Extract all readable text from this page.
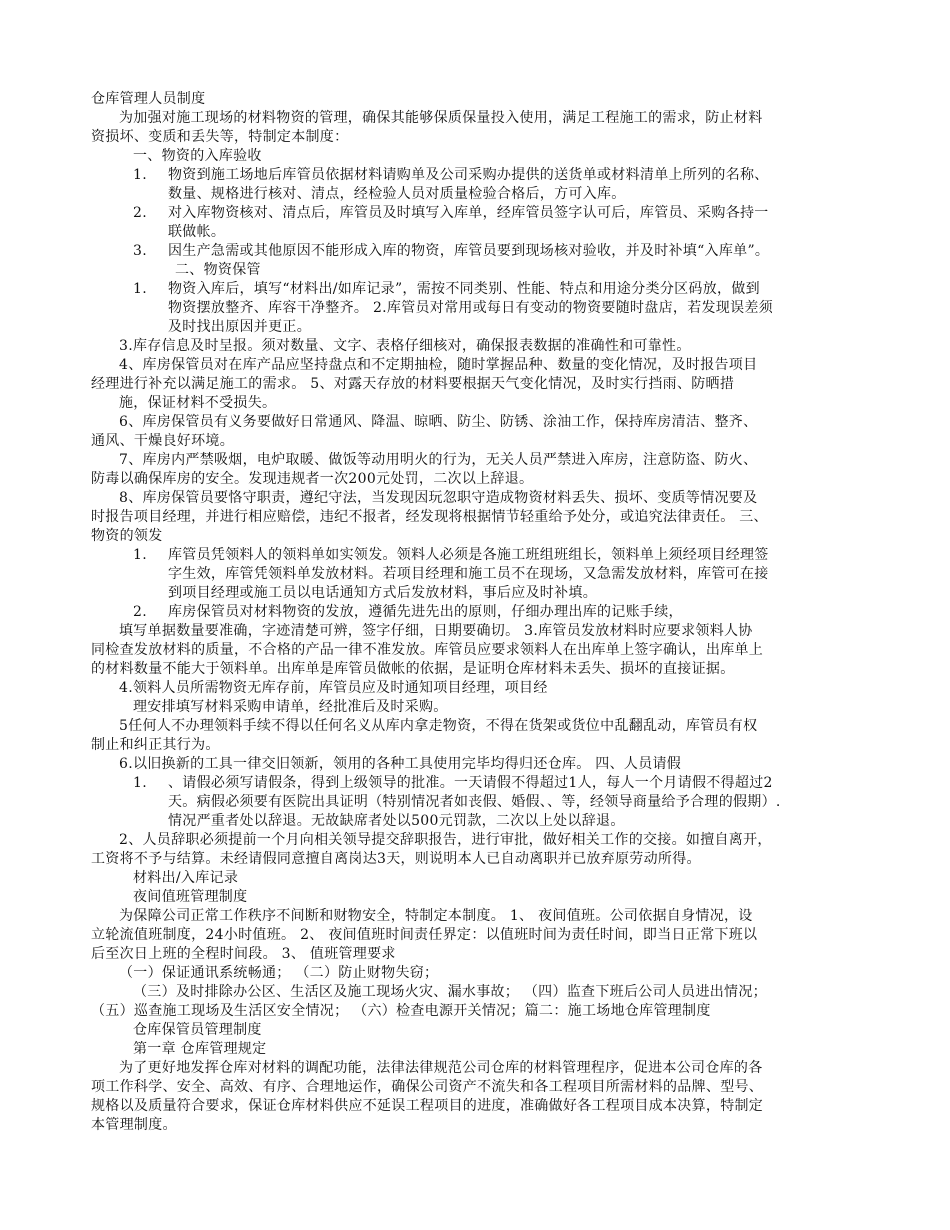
仓库管理人员制度
为加强对施工现场的材料物资的管理，确保其能够保质保量投入使用，满足工程施工的需求，防止材料
资损坏、变质和丢失等，特制定本制度：
一、物资的入库验收
1. 物资到施工场地后库管员依据材料请购单及公司采购办提供的送货单或材料清单上所列的名称、
数量、规格进行核对、清点，经检验人员对质量检验合格后，方可入库。
2. 对入库物资核对、清点后，库管员及时填写入库单，经库管员签字认可后，库管员、采购各持一
联做帐。
3. 因生产急需或其他原因不能形成入库的物资，库管员要到现场核对验收，并及时补填“入库单”。
二、物资保管
1. 物资入库后，填写“材料出/如库记录”，需按不同类别、性能、特点和用途分类分区码放，做到
物资摆放整齐、库容干净整齐。 2.库管员对常用或每日有变动的物资要随时盘店，若发现误差须
及时找出原因并更正。
3.库存信息及时呈报。须对数量、文字、表格仔细核对，确保报表数据的准确性和可靠性。
4、库房保管员对在库产品应坚持盘点和不定期抽检，随时掌握品种、数量的变化情况，及时报告项目
经理进行补充以满足施工的需求。 5、对露天存放的材料要根据天气变化情况，及时实行挡雨、防晒措
施，保证材料不受损失。
6、库房保管员有义务要做好日常通风、降温、晾晒、防尘、防锈、涂油工作，保持库房清洁、整齐、
通风、干燥良好环境。
7、库房内严禁吸烟，电炉取暖、做饭等动用明火的行为，无关人员严禁进入库房，注意防盗、防火、
防毒以确保库房的安全。发现违规者一次200元处罚，二次以上辞退。
8、库房保管员要恪守职责，遵纪守法，当发现因玩忽职守造成物资材料丢失、损坏、变质等情况要及
时报告项目经理，并进行相应赔偿，违纪不报者，经发现将根据情节轻重给予处分，或追究法律责任。 三、
物资的领发
1. 库管员凭领料人的领料单如实领发。领料人必须是各施工班组班组长，领料单上须经项目经理签
字生效，库管凭领料单发放材料。若项目经理和施工员不在现场，又急需发放材料，库管可在接
到项目经理或施工员以电话通知方式后发放材料，事后应及时补填。
2. 库房保管员对材料物资的发放，遵循先进先出的原则，仔细办理出库的记账手续，
填写单据数量要准确，字迹清楚可辨，签字仔细，日期要确切。 3.库管员发放材料时应要求领料人协
同检查发放材料的质量，不合格的产品一律不准发放。库管员应要求领料人在出库单上签字确认，出库单上
的材料数量不能大于领料单。出库单是库管员做帐的依据，是证明仓库材料未丢失、损坏的直接证据。
4.领料人员所需物资无库存前，库管员应及时通知项目经理，项目经
理安排填写材料采购申请单，经批准后及时采购。
5任何人不办理领料手续不得以任何名义从库内拿走物资，不得在货架或货位中乱翻乱动，库管员有权
制止和纠正其行为。
6.以旧换新的工具一律交旧领新，领用的各种工具使用完毕均得归还仓库。 四、人员请假
1. 、请假必须写请假条，得到上级领导的批准。一天请假不得超过1人，每人一个月请假不得超过2
天。病假必须要有医院出具证明（特别情况者如丧假、婚假、、等，经领导商量给予合理的假期）.
情况严重者处以辞退。无故缺席者处以500元罚款，二次以上处以辞退。
2、人员辞职必须提前一个月向相关领导提交辞职报告，进行审批，做好相关工作的交接。如擅自离开，
工资将不予与结算。未经请假同意擅自离岗达3天，则说明本人已自动离职并已放弃原劳动所得。
材料出/入库记录
夜间值班管理制度
为保障公司正常工作秩序不间断和财物安全，特制定本制度。 1、 夜间值班。公司依据自身情况，设
立轮流值班制度，24小时值班。 2、 夜间值班时间责任界定：以值班时间为责任时间，即当日正常下班以
后至次日上班的全程时间段。 3、 值班管理要求
（一）保证通讯系统畅通； （二）防止财物失窃；
（三）及时排除办公区、生活区及施工现场火灾、漏水事故； （四）监查下班后公司人员进出情况；
（五）巡查施工现场及生活区安全情况； （六）检查电源开关情况；篇二：施工场地仓库管理制度
仓库保管员管理制度
第一章 仓库管理规定
为了更好地发挥仓库对材料的调配功能，法律法律规范公司仓库的材料管理程序，促进本公司仓库的各
项工作科学、安全、高效、有序、合理地运作，确保公司资产不流失和各工程项目所需材料的品牌、型号、
规格以及质量符合要求，保证仓库材料供应不延误工程项目的进度，准确做好各工程项目成本决算，特制定
本管理制度。
